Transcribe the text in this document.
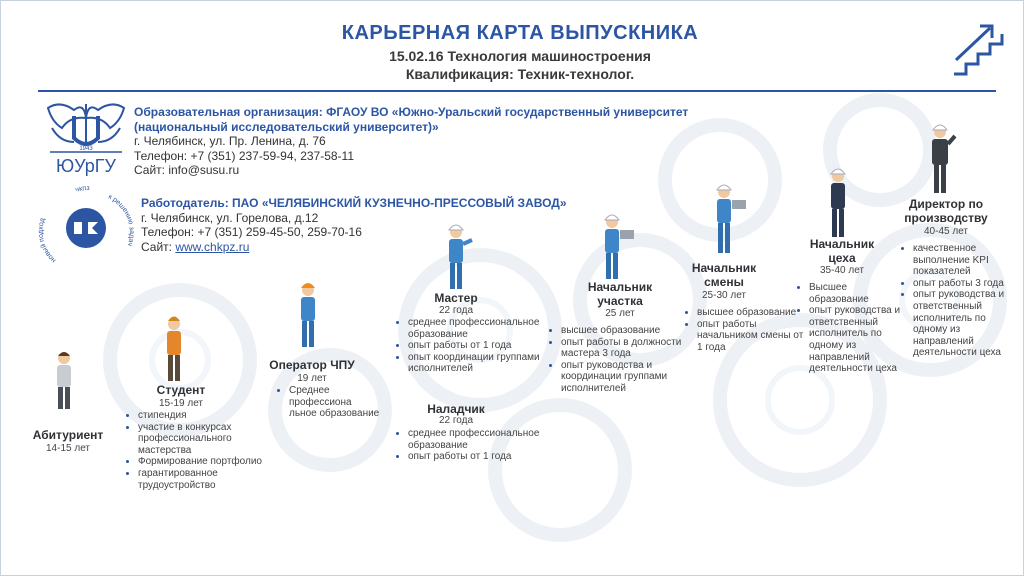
КАРЬЕРНАЯ КАРТА ВЫПУСКНИКА
15.02.16 Технология машиностроения
Квалификация: Техник-технолог.
1943
ЮУрГУ
Образовательная организация: ФГАОУ ВО «Южно-Уральский государственный университет
(национальный исследовательский университет)»
г. Челябинск, ул. Пр. Ленина, д. 76
Телефон: +7 (351) 237-59-94, 237-58-11
Сайт: info@susu.ru
новый подход
чкпз
к решению задач
Работодатель: ПАО «ЧЕЛЯБИНСКИЙ КУЗНЕЧНО-ПРЕССОВЫЙ ЗАВОД»
г. Челябинск, ул. Горелова, д.12
Телефон: +7 (351) 259-45-50, 259-70-16
Сайт: www.chkpz.ru
Абитуриент
14-15 лет
Студент
15-19 лет
• стипендия
• участие в конкурсах профессионального мастерства
• Формирование портфолио
• гарантированное трудоустройство
Оператор ЧПУ
19 лет
• Среднее профессиона льное образование
Мастер
22 года
• среднее профессиональное образование
• опыт работы от 1 года
• опыт координации группами исполнителей
Наладчик
22 года
• среднее профессиональное образование
• опыт работы от 1 года
Начальник участка
25 лет
• высшее образование
• опыт работы в должности мастера 3 года
• опыт руководства и координации группами исполнителей
Начальник смены
25-30 лет
• высшее образование
• опыт работы начальником смены от 1 года
Начальник цеха
35-40 лет
• Высшее образование
• опыт руководства и ответственный исполнитель по одному из направлений деятельности цеха
Директор по производству
40-45 лет
• качественное выполнение KPI показателей
• опыт работы 3 года
• опыт руководства и ответственный исполнитель по одному из направлений деятельности цеха
